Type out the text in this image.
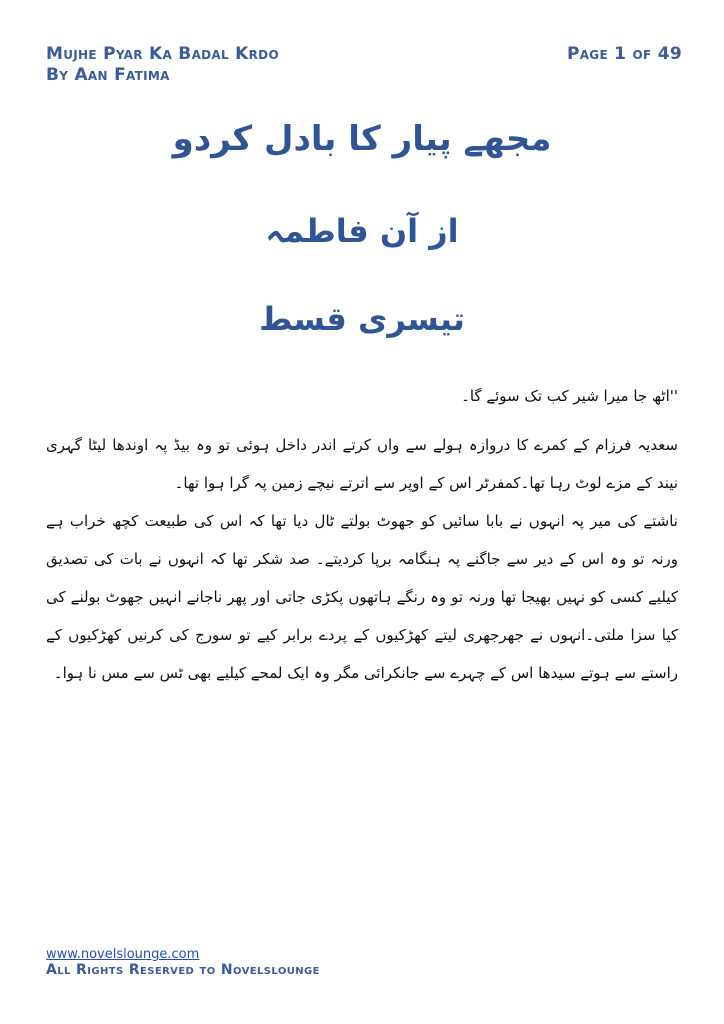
Mujhe Pyar Ka Badal Krdo
By Aan Fatima
Page 1 of 49
مجھے پیار کا بادل کردو
از آن فاطمہ
تیسری قسط

''اٹھ جا میرا شیر کب تک سوئے گا۔

سعدیہ فرزام کے کمرے کا دروازہ ہولے سے واں کرتے اندر داخل ہوئی تو وہ بیڈ پہ اوندھا لیٹا گہری نیند کے مزے لوٹ رہا تھا۔کمفرٹر اس کے اوپر سے اترتے نیچے زمین پہ گرا ہوا تھا۔

ناشتے کی میر پہ انہوں نے بابا سائیں کو جھوٹ بولتے ٹال دیا تھا کہ اس کی طبیعت کچھ خراب ہے ورنہ تو وہ اس کے دیر سے جاگنے پہ ہنگامہ برپا کردیتے۔ صد شکر تھا کہ انہوں نے بات کی تصدیق کیلیے کسی کو نہیں بھیجا تھا ورنہ تو وہ رنگے ہاتھوں پکڑی جاتی اور پھر ناجانے انہیں جھوٹ بولنے کی کیا سزا ملتی۔انہوں نے جھرجھری لیتے کھڑکیوں کے پردے برابر کیے تو سورج کی کرنیں کھڑکیوں کے راستے سے ہوتے سیدھا اس کے چہرے سے جانکرائی مگر وہ ایک لمحے کیلیے بھی ٹس سے مس نا ہوا۔

www.novelslounge.com
All Rights Reserved to Novelslounge
